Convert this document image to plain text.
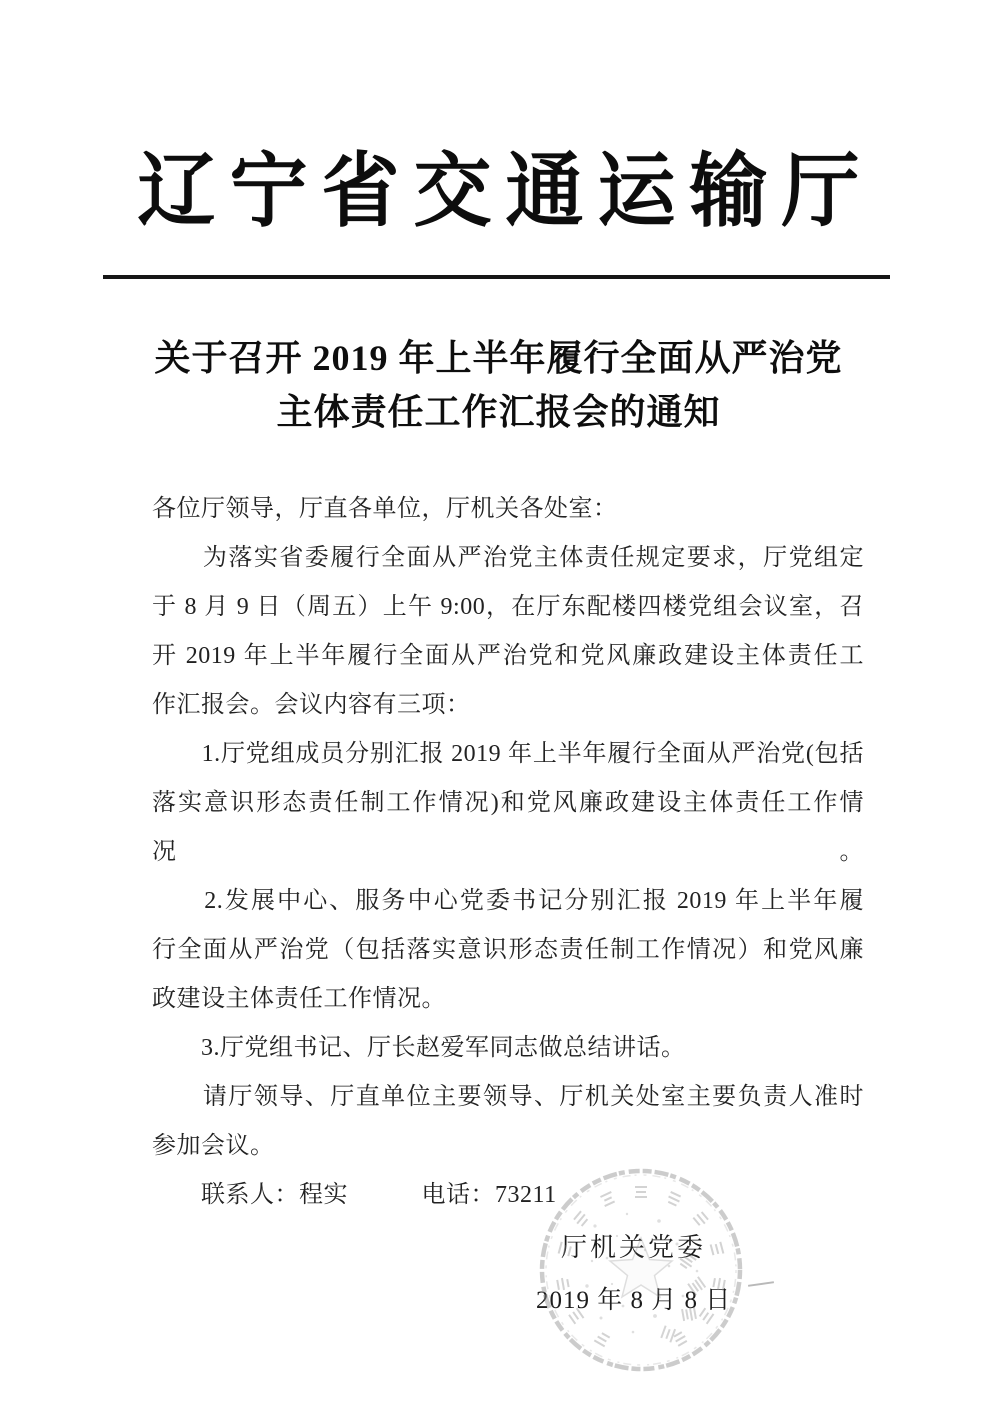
辽宁省交通运输厅
关于召开 2019 年上半年履行全面从严治党
主体责任工作汇报会的通知
各位厅领导，厅直各单位，厅机关各处室：
　　为落实省委履行全面从严治党主体责任规定要求，厅党组定
于 8 月 9 日（周五）上午 9:00，在厅东配楼四楼党组会议室，召
开 2019 年上半年履行全面从严治党和党风廉政建设主体责任工
作汇报会。会议内容有三项：
　　1.厅党组成员分别汇报 2019 年上半年履行全面从严治党(包括
落实意识形态责任制工作情况)和党风廉政建设主体责任工作情况。
　　2.发展中心、服务中心党委书记分别汇报 2019 年上半年履
行全面从严治党（包括落实意识形态责任制工作情况）和党风廉
政建设主体责任工作情况。
　　3.厅党组书记、厅长赵爱军同志做总结讲话。
　　请厅领导、厅直单位主要领导、厅机关处室主要负责人准时
参加会议。
　　联系人：程实　　　电话：73211
厅机关党委
2019 年 8 月 8 日
